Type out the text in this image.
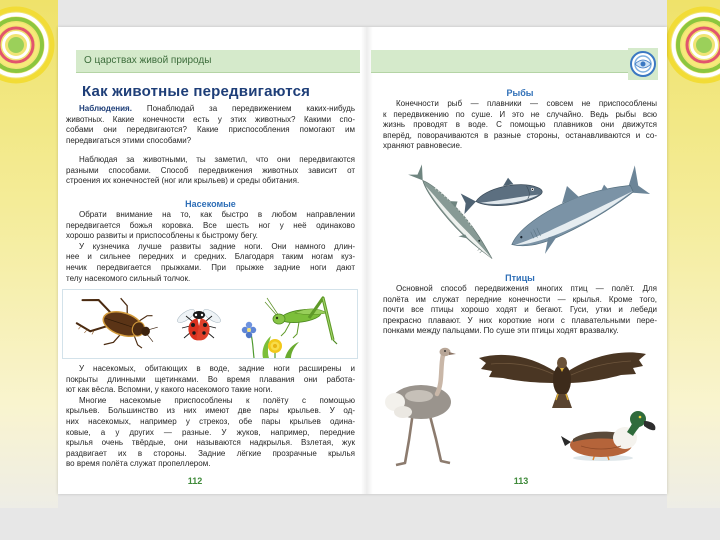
О царствах живой природы
Как животные передвигаются
Наблюдения. Понаблюдай за передвижением каких-нибудь
животных. Какие конечности есть у этих животных? Какими спо-
собами они передвигаются? Какие приспособления помогают им
передвигаться этими способами?
Наблюдая за животными, ты заметил, что они передвигаются
разными способами. Способ передвижения животных зависит от
строения их конечностей (ног или крыльев) и среды обитания.
Насекомые
Обрати внимание на то, как быстро в любом направлении
передвигается божья коровка. Все шесть ног у неё одинаково
хорошо развиты и приспособлены к быстрому бегу.
У кузнечика лучше развиты задние ноги. Они намного длин-
нее и сильнее передних и средних. Благодаря таким ногам куз-
нечик передвигается прыжками. При прыжке задние ноги дают
телу насекомого сильный толчок.
У насекомых, обитающих в воде, задние ноги расширены и
покрыты длинными щетинками. Во время плавания они работа-
ют как вёсла. Вспомни, у какого насекомого такие ноги.
Многие насекомые приспособлены к полёту с помощью
крыльев. Большинство из них имеют две пары крыльев. У од-
них насекомых, например у стрекоз, обе пары крыльев одина-
ковые, а у других — разные. У жуков, например, передние
крылья очень твёрдые, они называются надкрылья. Взлетая, жук
раздвигает их в стороны. Задние лёгкие прозрачные крылья
во время полёта служат пропеллером.
112
Рыбы
Конечности рыб — плавники — совсем не приспособлены
к передвижению по суше. И это не случайно. Ведь рыбы всю
жизнь проводят в воде. С помощью плавников они движутся
вперёд, поворачиваются в разные стороны, останавливаются и со-
храняют равновесие.
Птицы
Основной способ передвижения многих птиц — полёт. Для
полёта им служат передние конечности — крылья. Кроме того,
почти все птицы хорошо ходят и бегают. Гуси, утки и лебеди
прекрасно плавают. У них короткие ноги с плавательными пере-
понками между пальцами. По суше эти птицы ходят вразвалку.
113
